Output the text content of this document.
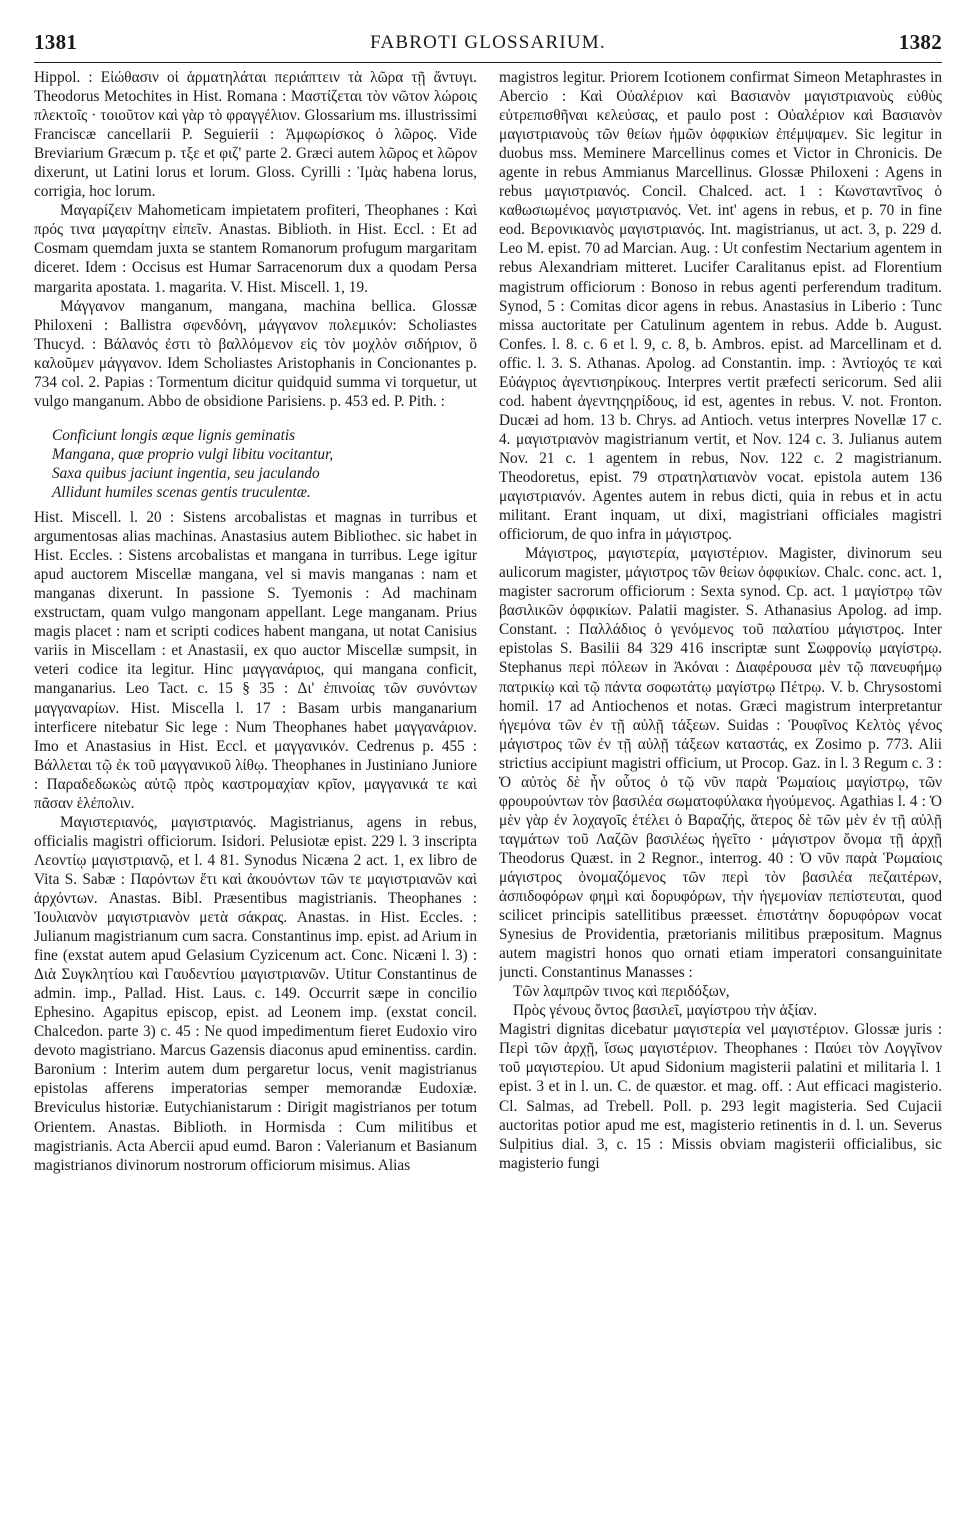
1381	FABROTI GLOSSARIUM.	1382

Hippol. : Εἰώθασιν οἱ ἁρματηλάται περιάπτειν τὰ λῶρα τῇ ἄντυγι. Theodorus Metochites in Hist. Romana : Μαστίζεται τὸν νῶτον λώροις πλεκτοῖς · τοιοῦτον καὶ γὰρ τὸ φραγγέλιον. Glossarium ms. illustrissimi Franciscæ cancellarii P. Seguierii : Ἀμφωρίσκος ὁ λῶρος. Vide Breviarium Græcum p. τξε et φιζ' parte 2. Græci autem λῶρος et λῶρον dixerunt, ut Latini lorus et lorum. Gloss. Cyrilli : Ἱμὰς habena lorus, corrigia, hoc lorum.

Μαγαρίζειν Mahometicam impietatem profiteri, Theophanes : Καὶ πρός τινα μαγαρίτην εἰπεῖν. Anastas. Biblioth. in Hist. Eccl. : Et ad Cosmam quemdam juxta se stantem Romanorum profugum margaritam diceret. Idem : Occisus est Humar Sarracenorum dux a quodam Persa margarita apostata. 1. magarita. V. Hist. Miscell. 1, 19.

Μάγγανον manganum, mangana, machina bellica. Glossæ Philoxeni : Ballistra σφενδόνη, μάγγανον πολεμικόν: Scholiastes Thucyd. : Βάλανός ἐστι τὸ βαλλόμενον εἰς τὸν μοχλὸν σιδήριον, ὃ καλοῦμεν μάγγανον. Idem Scholiastes Aristophanis in Concionantes p. 734 col. 2. Papias : Tormentum dicitur quidquid summa vi torquetur, ut vulgo manganum. Abbo de obsidione Parisiens. p. 453 ed. P. Pith. :

Conficiunt longis æque lignis geminatis
Mangana, quæ proprio vulgi libitu vocitantur,
Saxa quibus jaciunt ingentia, seu jaculando
Allidunt humiles scenas gentis truculentæ.

Hist. Miscell. l. 20 : Sistens arcobalistas et magnas in turribus et argumentosas alias machinas. Anastasius autem Bibliothec. sic habet in Hist. Eccles. : Sistens arcobalistas et mangana in turribus. Lege igitur apud auctorem Miscellæ mangana, vel si mavis manganas : nam et manganas dixerunt. In passione S. Tyemonis : Ad machinam exstructam, quam vulgo mangonam appellant. Lege manganam. Prius magis placet : nam et scripti codices habent mangana, ut notat Canisius variis in Miscellam : et Anastasii, ex quo auctor Miscellæ sumpsit, in veteri codice ita legitur. Hinc μαγγανάριος, qui mangana conficit, manganarius. Leo Tact. c. 15 § 35 : Δι' ἐπινοίας τῶν συνόντων μαγγαναρίων. Hist. Miscella l. 17 : Basam urbis manganarium interficere nitebatur Sic lege : Num Theophanes habet μαγγανάριον. Imo et Anastasius in Hist. Eccl. et μαγγανικόν. Cedrenus p. 455 : Βάλλεται τῷ ἐκ τοῦ μαγγανικοῦ λίθῳ. Theophanes in Justiniano Juniore : Παραδεδωκὼς αὐτῷ πρὸς καστρομαχίαν κρῖον, μαγγανικά τε καὶ πᾶσαν ἑλέπολιν.

Μαγιστεριανός, μαγιστριανός. Magistrianus, agens in rebus, officialis magistri officiorum. Isidori. Pelusiotæ epist. 229 l. 3 inscripta Λεοντίῳ μαγιστριανῷ, et l. 4 81. Synodus Nicæna 2 act. 1, ex libro de Vita S. Sabæ : Παρόντων ἔτι καὶ ἀκουόντων τῶν τε μαγιστριανῶν καὶ ἀρχόντων. Anastas. Bibl. Præsentibus magistrianis. Theophanes : Ἰουλιανὸν μαγιστριανὸν μετὰ σάκρας. Anastas. in Hist. Eccles. : Julianum magistrianum cum sacra. Constantinus imp. epist. ad Arium in fine (exstat autem apud Gelasium Cyzicenum act. Conc. Nicæni l. 3) : Διὰ Συγκλητίου καὶ Γαυδεντίου μαγιστριανῶν. Utitur Constantinus de admin. imp., Pallad. Hist. Laus. c. 149. Occurrit sæpe in concilio Ephesino. Agapitus episcop, epist. ad Leonem imp. (exstat concil. Chalcedon. parte 3) c. 45 : Ne quod impedimentum fieret Eudoxio viro devoto magistriano. Marcus Gazensis diaconus apud eminentiss. cardin. Baronium : Interim autem dum pergaretur locus, venit magistrianus epistolas afferens imperatorias semper memorandæ Eudoxiæ. Breviculus historiæ. Eutychianistarum : Dirigit magistrianos per totum Orientem. Anastas. Biblioth. in Hormisda : Cum militibus et magistrianis. Acta Abercii apud eumd. Baron : Valerianum et Basianum magistrianos divinorum nostrorum officiorum misimus. Alias

magistros legitur. Priorem Icotionem confirmat Simeon Metaphrastes in Abercio : Καὶ Οὐαλέριον καὶ Βασιανὸν μαγιστριανοὺς εὐθὺς εὐτρεπισθῆναι κελεύσας, et paulo post : Οὐαλέριον καὶ Βασιανὸν μαγιστριανοὺς τῶν θείων ἡμῶν ὀφφικίων ἐπέμψαμεν. Sic legitur in duobus mss. Meminere Marcellinus comes et Victor in Chronicis. De agente in rebus Ammianus Marcellinus. Glossæ Philoxeni : Agens in rebus μαγιστριανός. Concil. Chalced. act. 1 : Κωνσταντῖνος ὁ καθωσιωμένος μαγιστριανός. Vet. int' agens in rebus, et p. 70 in fine eod. Βερονικιανὸς μαγιστριανός. Int. magistrianus, ut act. 3, p. 229 d. Leo M. epist. 70 ad Marcian. Aug. : Ut confestim Nectarium agentem in rebus Alexandriam mitteret. Lucifer Caralitanus epist. ad Florentium magistrum officiorum : Bonoso in rebus agenti perferendum traditum. Synod, 5 : Comitas dicor agens in rebus. Anastasius in Liberio : Tunc missa auctoritate per Catulinum agentem in rebus. Adde b. August. Confes. l. 8. c. 6 et l. 9, c. 8, b. Ambros. epist. ad Marcellinam et d. offic. l. 3. S. Athanas. Apolog. ad Constantin. imp. : Ἀντίοχός τε καὶ Εὐάγριος ἀγεντισηρίκους. Interpres vertit præfecti sericorum. Sed alii cod. habent ἀγεντηςηρίδους, id est, agentes in rebus. V. not. Fronton. Ducæi ad hom. 13 b. Chrys. ad Antioch. vetus interpres Novellæ 17 c. 4. μαγιστριανὸν magistrianum vertit, et Nov. 124 c. 3. Julianus autem Nov. 21 c. 1 agentem in rebus, Nov. 122 c. 2 magistrianum. Theodoretus, epist. 79 στρατηλατιανὸν vocat. epistola autem 136 μαγιστριανόν. Agentes autem in rebus dicti, quia in rebus et in actu militant. Erant inquam, ut dixi, magistriani officiales magistri officiorum, de quo infra in μάγιστρος.

Μάγιστρος, μαγιστερία, μαγιστέριον. Magister, divinorum seu aulicorum magister, μάγιστρος τῶν θείων ὀφφικίων. Chalc. conc. act. 1, magister sacrorum officiorum : Sexta synod. Cp. act. 1 μαγίστρῳ τῶν βασιλικῶν ὀφφικίων. Palatii magister. S. Athanasius Apolog. ad imp. Constant. : Παλλάδιος ὁ γενόμενος τοῦ παλατίου μάγιστρος. Inter epistolas S. Basilii 84 329 416 inscriptæ sunt Σωφρονίῳ μαγίστρῳ. Stephanus περὶ πόλεων in Ἀκόναι : Διαφέρουσα μὲν τῷ πανευφήμῳ πατρικίῳ καὶ τῷ πάντα σοφωτάτῳ μαγίστρῳ Πέτρῳ. V. b. Chrysostomi homil. 17 ad Antiochenos et notas. Græci magistrum interpretantur ἡγεμόνα τῶν ἐν τῇ αὐλῇ τάξεων. Suidas : Ῥουφῖνος Κελτὸς γένος μάγιστρος τῶν ἐν τῇ αὐλῇ τάξεων καταστάς, ex Zosimo p. 773. Alii strictius accipiunt magistri officium, ut Procop. Gaz. in l. 3 Regum c. 3 : Ὁ αὐτὸς δὲ ἦν οὗτος ὁ τῷ νῦν παρὰ Ῥωμαίοις μαγίστρῳ, τῶν φρουρούντων τὸν βασιλέα σωματοφύλακα ἡγούμενος. Agathias l. 4 : Ὁ μὲν γὰρ ἐν λοχαγοῖς ἐτέλει ὁ Βαραζής, ἅτερος δὲ τῶν μὲν ἐν τῇ αὐλῇ ταγμάτων τοῦ Λαζῶν βασιλέως ἡγεῖτο · μάγιστρον ὄνομα τῇ ἀρχῇ Theodorus Quæst. in 2 Regnor., interrog. 40 : Ὁ νῦν παρὰ Ῥωμαίοις μάγιστρος ὀνομαζόμενος τῶν περὶ τὸν βασιλέα πεζαιτέρων, ἀσπιδοφόρων φημὶ καὶ δορυφόρων, τὴν ἡγεμονίαν πεπίστευται, quod scilicet principis satellitibus præesset. ἐπιστάτην δορυφόρων vocat Synesius de Providentia, prætorianis militibus præpositum. Magnus autem magistri honos quo ornati etiam imperatori consanguinitate juncti. Constantinus Manasses :

Τῶν λαμπρῶν τινος καὶ περιδόξων,
Πρὸς γένους ὄντος βασιλεῖ, μαγίστρου τὴν ἀξίαν.

Magistri dignitas dicebatur μαγιστερία vel μαγιστέριον. Glossæ juris : Περὶ τῶν ἀρχῇ, ἴσως μαγιστέριον. Theophanes : Παύει τὸν Λογγῖνον τοῦ μαγιστερίου. Ut apud Sidonium magisterii palatini et militaria l. 1 epist. 3 et in l. un. C. de quæstor. et mag. off. : Aut efficaci magisterio. Cl. Salmas, ad Trebell. Poll. p. 293 legit magisteria. Sed Cujacii auctoritas potior apud me est, magisterio retinentis in d. l. un. Severus Sulpitius dial. 3, c. 15 : Missis obviam magisterii officialibus, sic magisterio fungi
